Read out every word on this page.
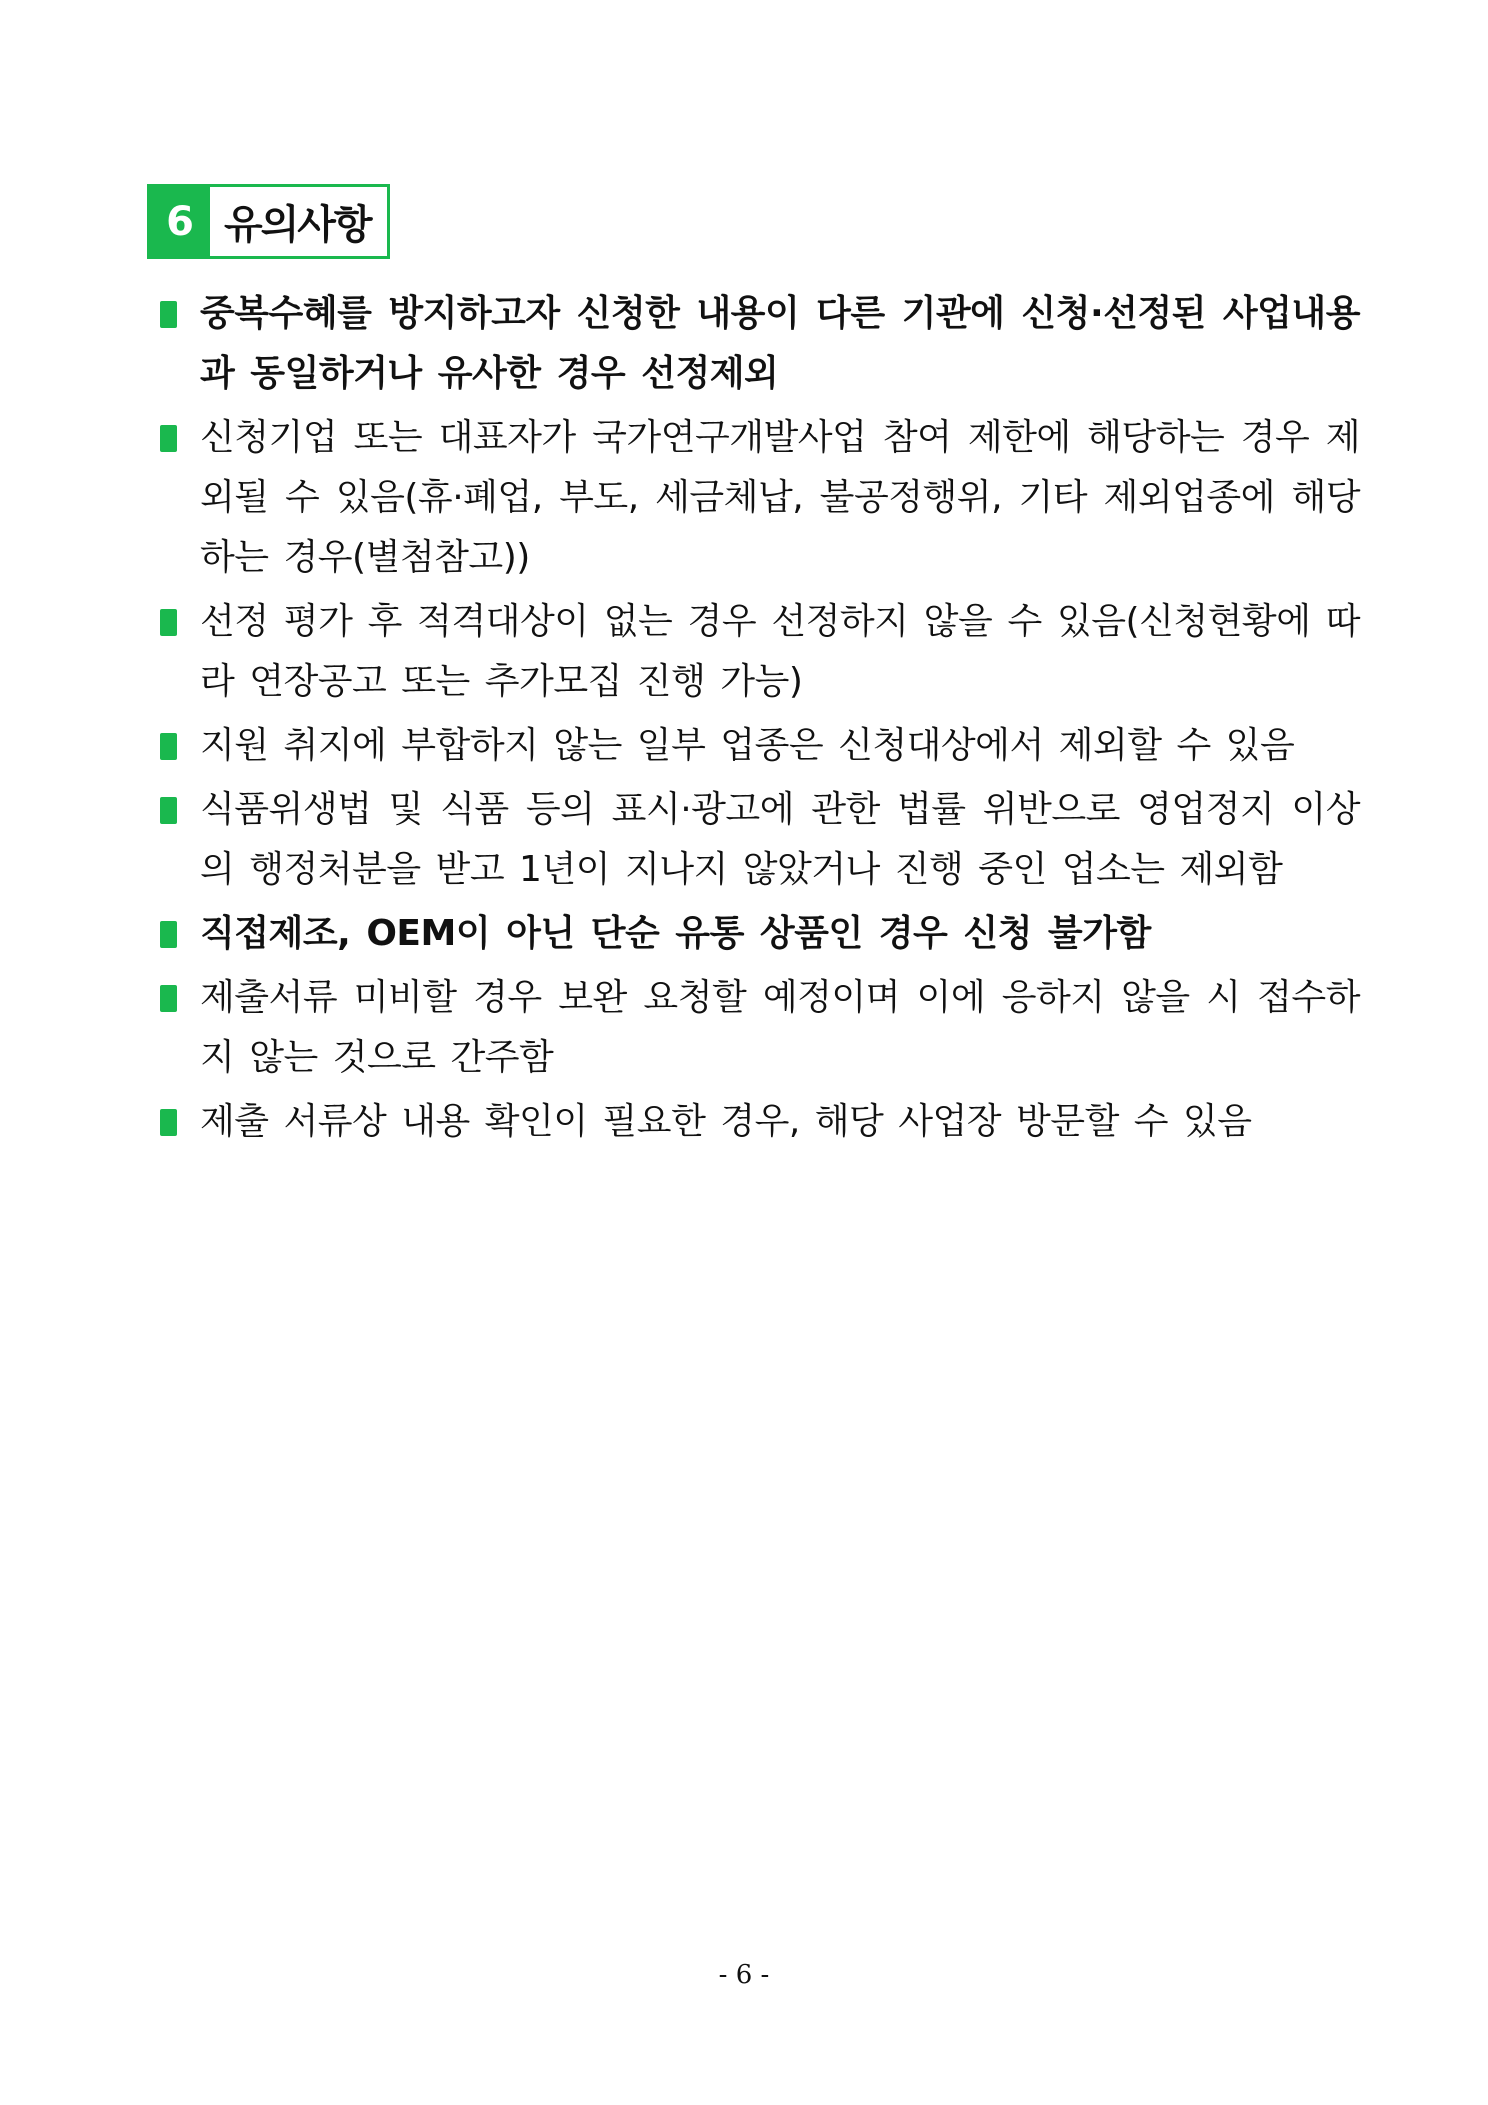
6 유의사항
중복수혜를 방지하고자 신청한 내용이 다른 기관에 신청·선정된 사업내용과 동일하거나 유사한 경우 선정제외
신청기업 또는 대표자가 국가연구개발사업 참여 제한에 해당하는 경우 제외될 수 있음(휴·폐업, 부도, 세금체납, 불공정행위, 기타 제외업종에 해당하는 경우(별첨참고))
선정 평가 후 적격대상이 없는 경우 선정하지 않을 수 있음(신청현황에 따라 연장공고 또는 추가모집 진행 가능)
지원 취지에 부합하지 않는 일부 업종은 신청대상에서 제외할 수 있음
식품위생법 및 식품 등의 표시·광고에 관한 법률 위반으로 영업정지 이상의 행정처분을 받고 1년이 지나지 않았거나 진행 중인 업소는 제외함
직접제조, OEM이 아닌 단순 유통 상품인 경우 신청 불가함
제출서류 미비할 경우 보완 요청할 예정이며 이에 응하지 않을 시 접수하지 않는 것으로 간주함
제출 서류상 내용 확인이 필요한 경우, 해당 사업장 방문할 수 있음
- 6 -
